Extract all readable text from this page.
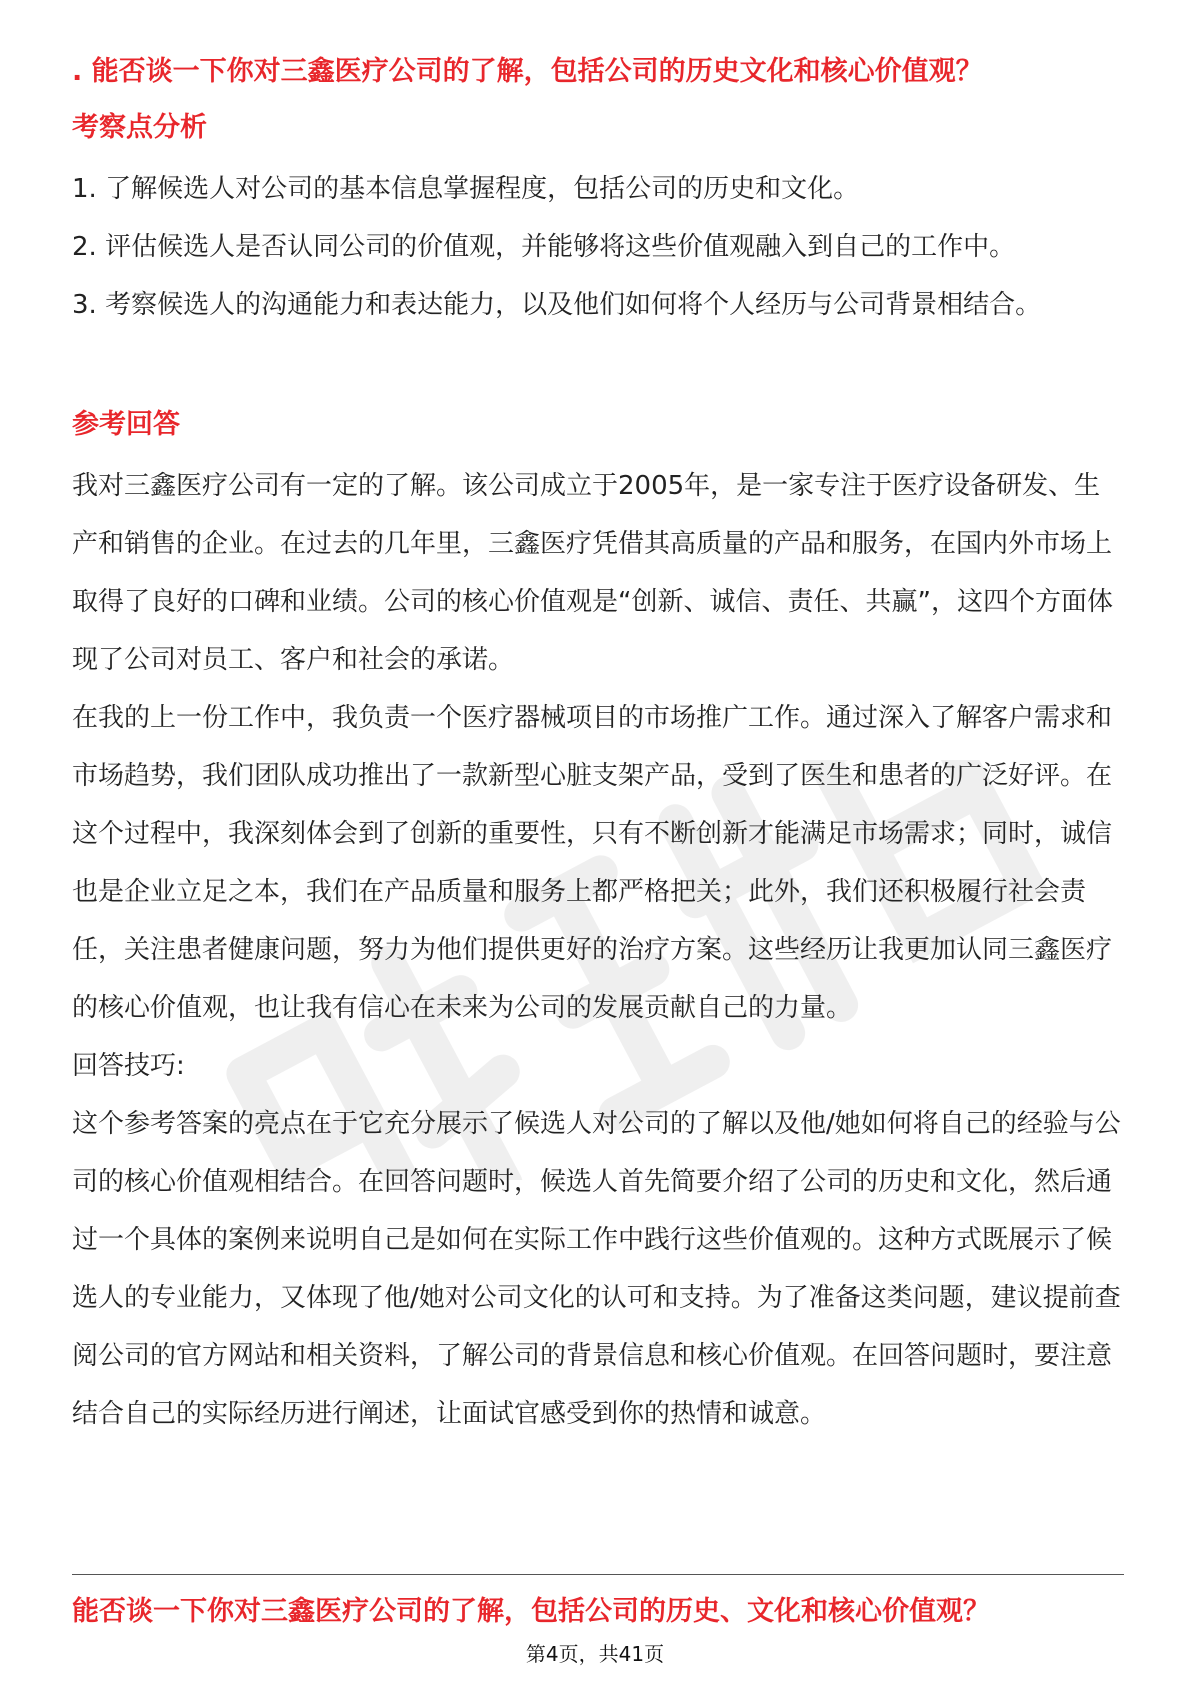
. 能否谈一下你对三鑫医疗公司的了解，包括公司的历史文化和核心价值观？
考察点分析
1. 了解候选人对公司的基本信息掌握程度，包括公司的历史和文化。
2. 评估候选人是否认同公司的价值观，并能够将这些价值观融入到自己的工作中。
3. 考察候选人的沟通能力和表达能力，以及他们如何将个人经历与公司背景相结合。
参考回答

我对三鑫医疗公司有一定的了解。该公司成立于2005年，是一家专注于医疗设备研发、生产和销售的企业。在过去的几年里，三鑫医疗凭借其高质量的产品和服务，在国内外市场上取得了良好的口碑和业绩。公司的核心价值观是“创新、诚信、责任、共赢”，这四个方面体现了公司对员工、客户和社会的承诺。

在我的上一份工作中，我负责一个医疗器械项目的市场推广工作。通过深入了解客户需求和市场趋势，我们团队成功推出了一款新型心脏支架产品，受到了医生和患者的广泛好评。在这个过程中，我深刻体会到了创新的重要性，只有不断创新才能满足市场需求；同时，诚信也是企业立足之本，我们在产品质量和服务上都严格把关；此外，我们还积极履行社会责任，关注患者健康问题，努力为他们提供更好的治疗方案。这些经历让我更加认同三鑫医疗的核心价值观，也让我有信心在未来为公司的发展贡献自己的力量。

回答技巧:

这个参考答案的亮点在于它充分展示了候选人对公司的了解以及他/她如何将自己的经验与公司的核心价值观相结合。在回答问题时，候选人首先简要介绍了公司的历史和文化，然后通过一个具体的案例来说明自己是如何在实际工作中践行这些价值观的。这种方式既展示了候选人的专业能力，又体现了他/她对公司文化的认可和支持。为了准备这类问题，建议提前查阅公司的官方网站和相关资料，了解公司的背景信息和核心价值观。在回答问题时，要注意结合自己的实际经历进行阐述，让面试官感受到你的热情和诚意。

能否谈一下你对三鑫医疗公司的了解，包括公司的历史、文化和核心价值观？
第4页，共41页
